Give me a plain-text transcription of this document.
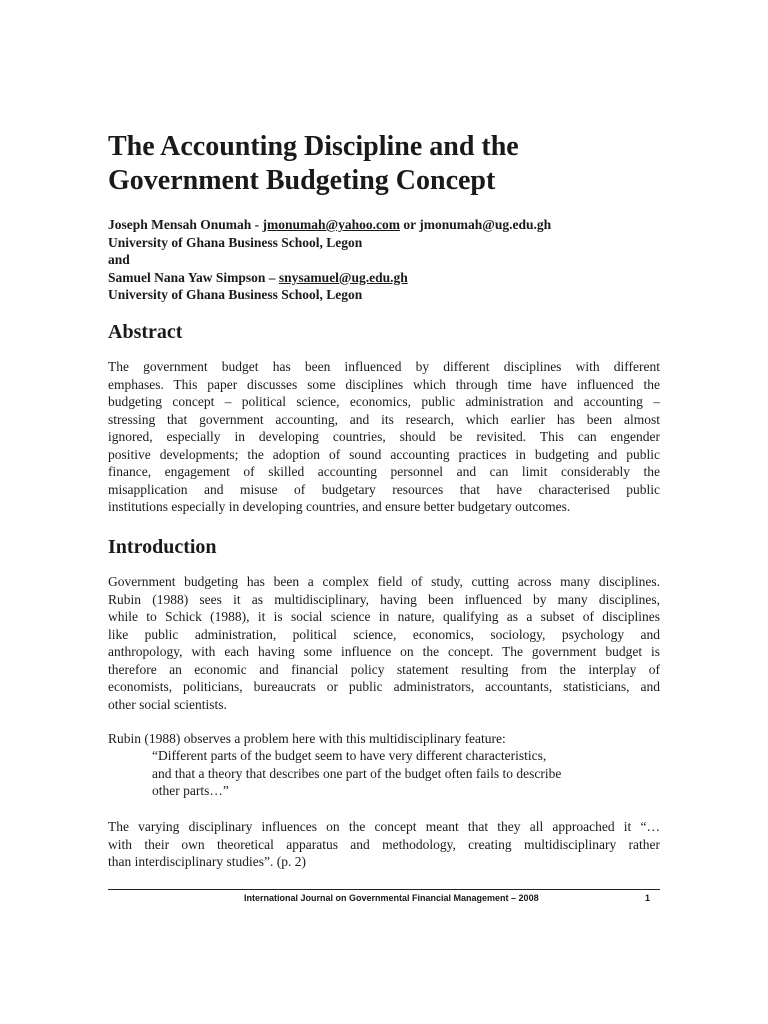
The Accounting Discipline and the
Government Budgeting Concept
Joseph Mensah Onumah - jmonumah@yahoo.com or jmonumah@ug.edu.gh
University of Ghana Business School, Legon
and
Samuel Nana Yaw Simpson – snysamuel@ug.edu.gh
University of Ghana Business School, Legon
Abstract

The government budget has been influenced by different disciplines with different
emphases. This paper discusses some disciplines which through time have influenced the
budgeting concept – political science, economics, public administration and accounting –
stressing that government accounting, and its research, which earlier has been almost
ignored, especially in developing countries, should be revisited. This can engender
positive developments; the adoption of sound accounting practices in budgeting and public
finance, engagement of skilled accounting personnel and can limit considerably the
misapplication and misuse of budgetary resources that have characterised public
institutions especially in developing countries, and ensure better budgetary outcomes.

Introduction

Government budgeting has been a complex field of study, cutting across many disciplines.
Rubin (1988) sees it as multidisciplinary, having been influenced by many disciplines,
while to Schick (1988), it is social science in nature, qualifying as a subset of disciplines
like public administration, political science, economics, sociology, psychology and
anthropology, with each having some influence on the concept. The government budget is
therefore an economic and financial policy statement resulting from the interplay of
economists, politicians, bureaucrats or public administrators, accountants, statisticians, and
other social scientists.

Rubin (1988) observes a problem here with this multidisciplinary feature:

“Different parts of the budget seem to have very different characteristics,
and that a theory that describes one part of the budget often fails to describe
other parts…”

The varying disciplinary influences on the concept meant that they all approached it “…
with their own theoretical apparatus and methodology, creating multidisciplinary rather
than interdisciplinary studies”. (p. 2)

International Journal on Governmental Financial Management – 2008	1
